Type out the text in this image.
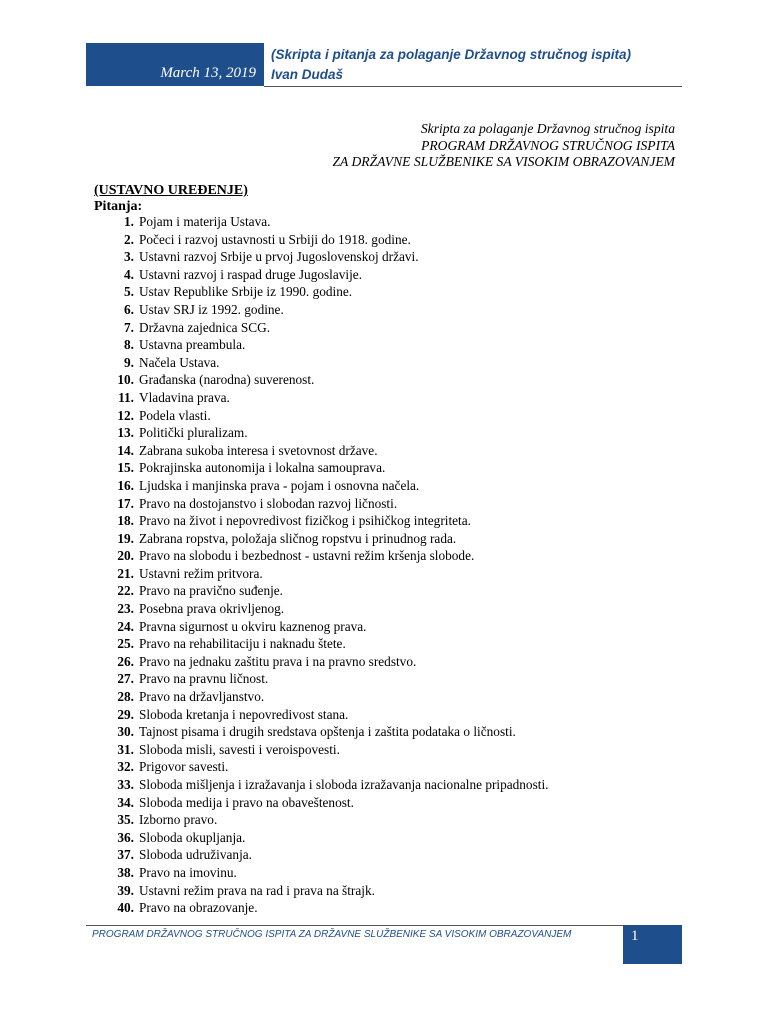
March 13, 2019
(Skripta i pitanja za polaganje Državnog stručnog ispita)
Ivan Dudaš
Skripta za polaganje Državnog stručnog ispita
PROGRAM DRŽAVNOG STRUČNOG ISPITA
ZA DRŽAVNE SLUŽBENIKE SA VISOKIM OBRAZOVANJEM
(USTAVNO UREĐENJE)
Pitanja:
1. Pojam i materija Ustava.
2. Počeci i razvoj ustavnosti u Srbiji do 1918. godine.
3. Ustavni razvoj Srbije u prvoj Jugoslovenskoj državi.
4. Ustavni razvoj i raspad druge Jugoslavije.
5. Ustav Republike Srbije iz 1990. godine.
6. Ustav SRJ iz 1992. godine.
7. Državna zajednica SCG.
8. Ustavna preambula.
9. Načela Ustava.
10. Građanska (narodna) suverenost.
11. Vladavina prava.
12. Podela vlasti.
13. Politički pluralizam.
14. Zabrana sukoba interesa i svetovnost države.
15. Pokrajinska autonomija i lokalna samouprava.
16. Ljudska i manjinska prava - pojam i osnovna načela.
17. Pravo na dostojanstvo i slobodan razvoj ličnosti.
18. Pravo na život i nepovredivost fizičkog i psihičkog integriteta.
19. Zabrana ropstva, položaja sličnog ropstvu i prinudnog rada.
20. Pravo na slobodu i bezbednost - ustavni režim kršenja slobode.
21. Ustavni režim pritvora.
22. Pravo na pravično suđenje.
23. Posebna prava okrivljenog.
24. Pravna sigurnost u okviru kaznenog prava.
25. Pravo na rehabilitaciju i naknadu štete.
26. Pravo na jednaku zaštitu prava i na pravno sredstvo.
27. Pravo na pravnu ličnost.
28. Pravo na državljanstvo.
29. Sloboda kretanja i nepovredivost stana.
30. Tajnost pisama i drugih sredstava opštenja i zaštita podataka o ličnosti.
31. Sloboda misli, savesti i veroispovesti.
32. Prigovor savesti.
33. Sloboda mišljenja i izražavanja i sloboda izražavanja nacionalne pripadnosti.
34. Sloboda medija i pravo na obaveštenost.
35. Izborno pravo.
36. Sloboda okupljanja.
37. Sloboda udruživanja.
38. Pravo na imovinu.
39. Ustavni režim prava na rad i prava na štrajk.
40. Pravo na obrazovanje.
PROGRAM DRŽAVNOG STRUČNOG ISPITA ZA DRŽAVNE SLUŽBENIKE SA VISOKIM OBRAZOVANJEM	1
